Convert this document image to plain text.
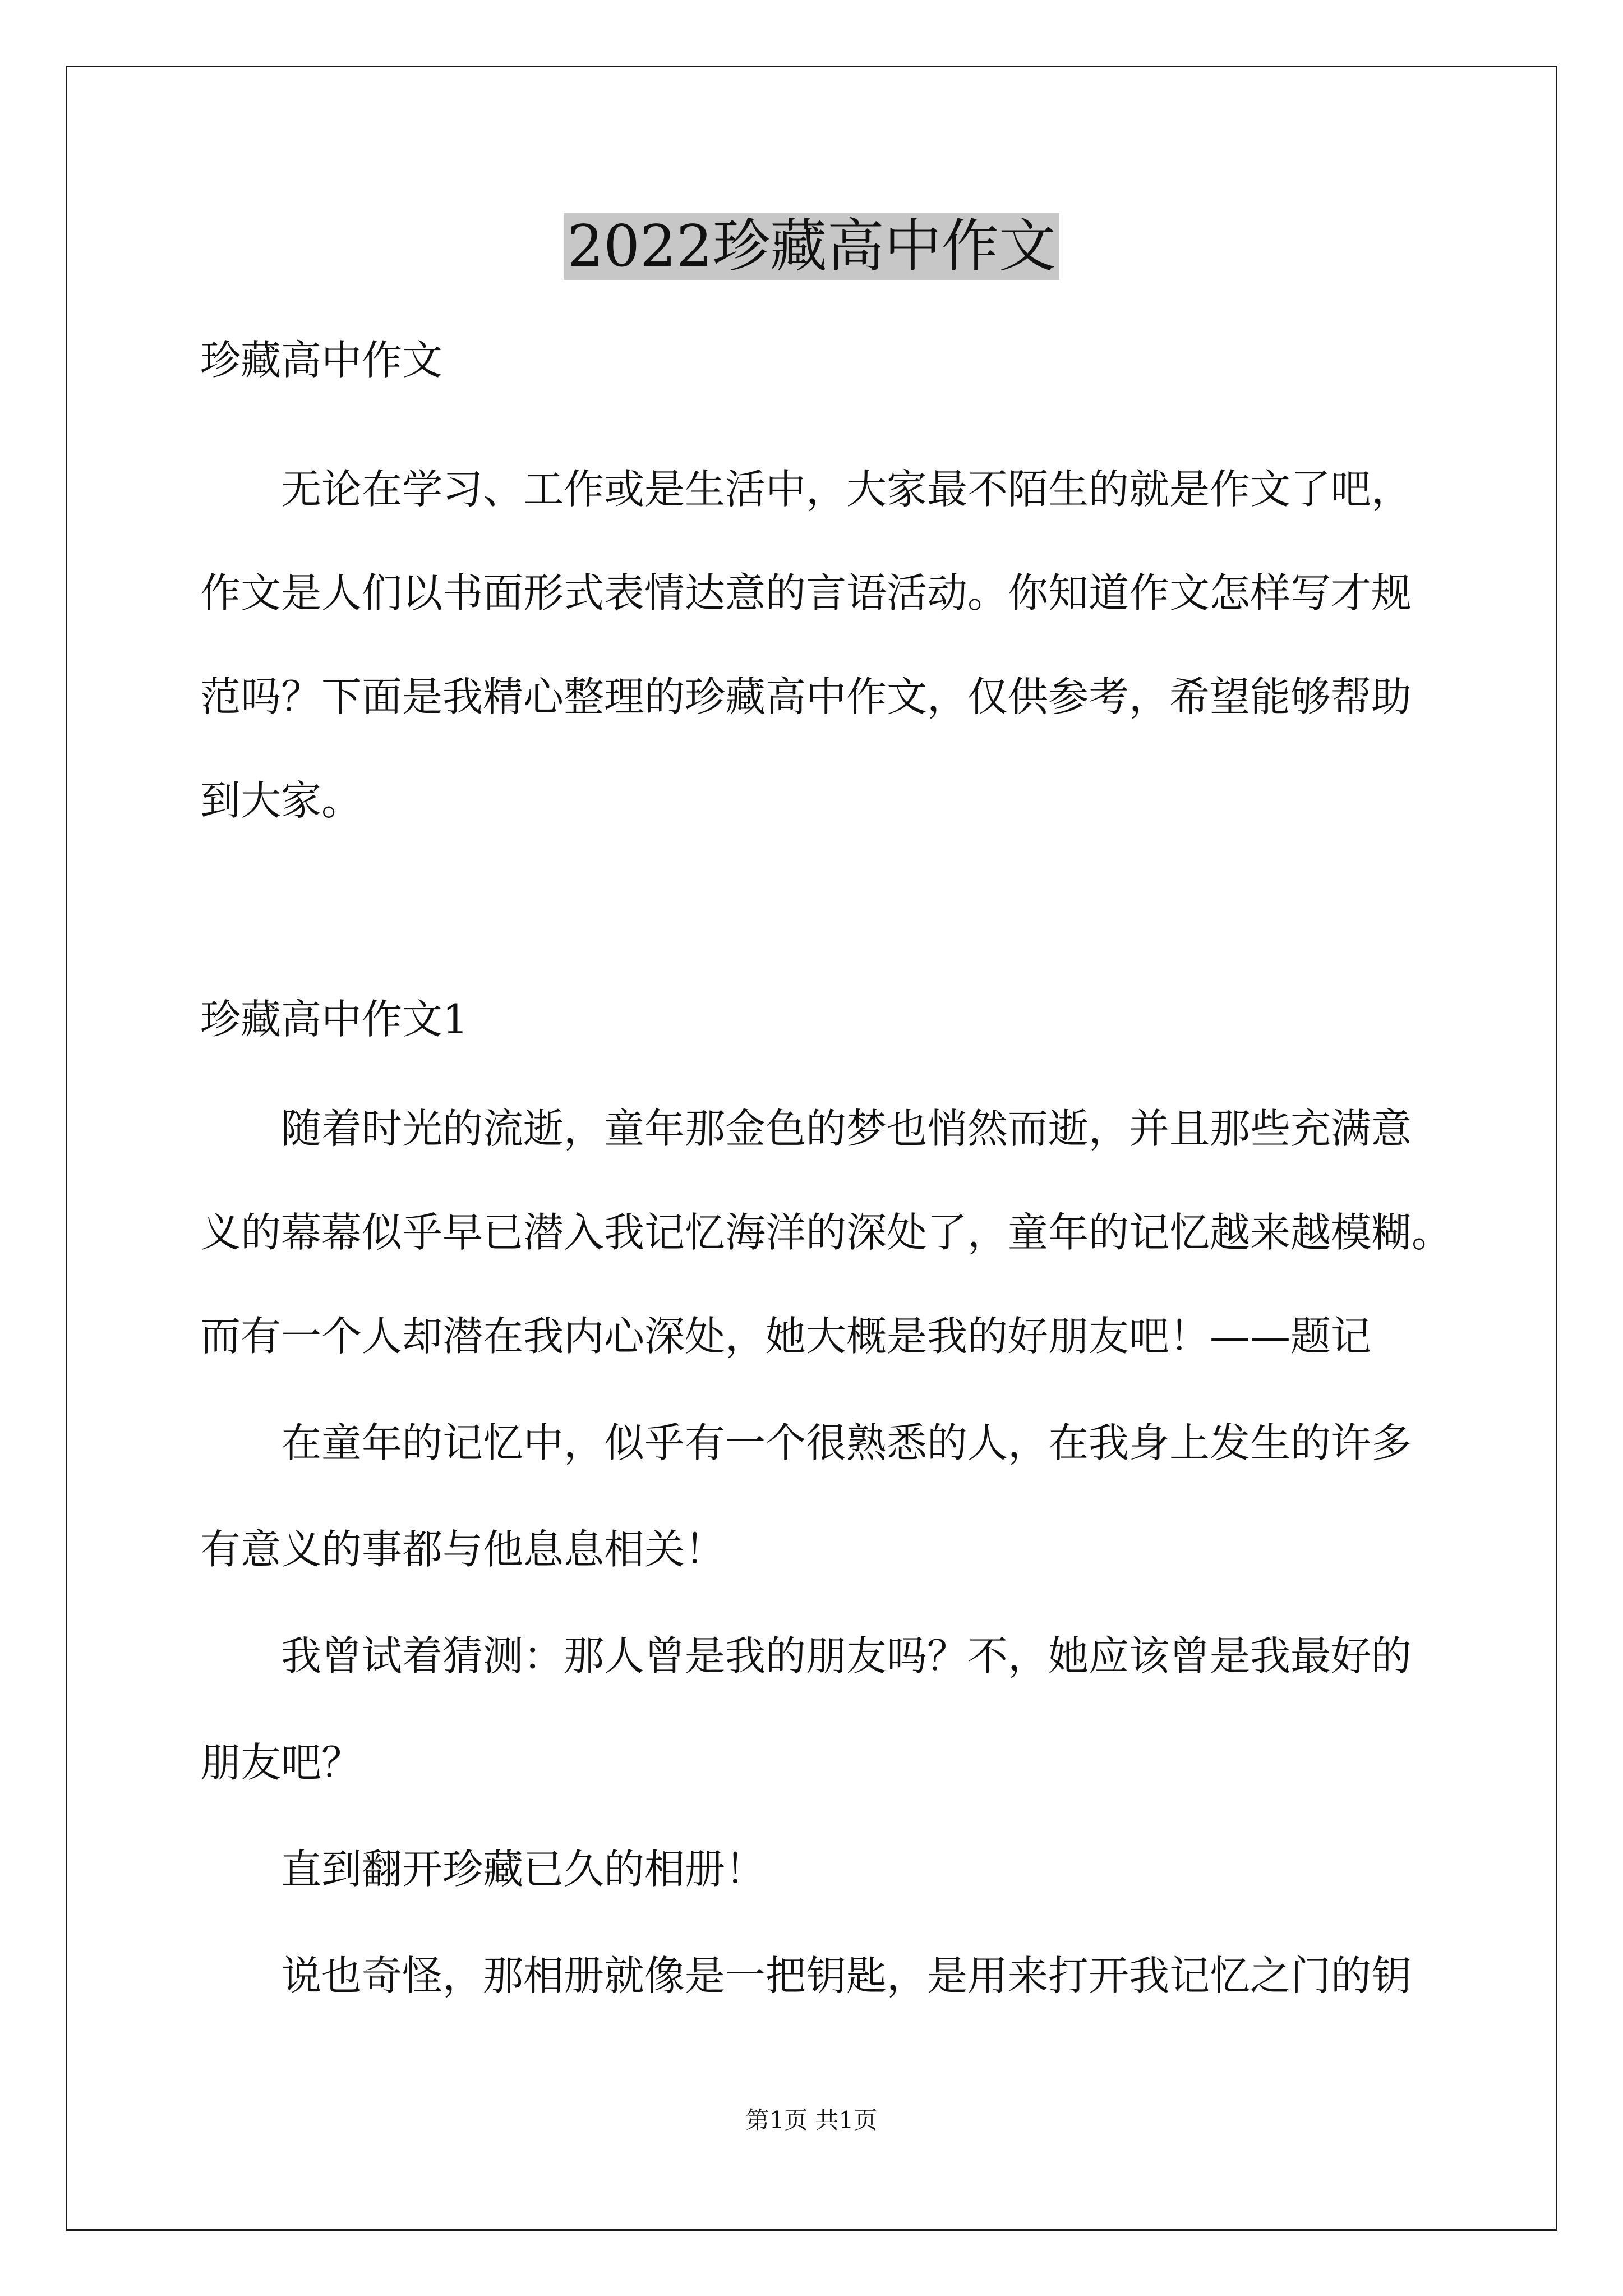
2022珍藏高中作文

珍藏高中作文

无论在学习、工作或是生活中，大家最不陌生的就是作文了吧，

作文是人们以书面形式表情达意的言语活动。你知道作文怎样写才规

范吗？下面是我精心整理的珍藏高中作文，仅供参考，希望能够帮助

到大家。

珍藏高中作文1

随着时光的流逝，童年那金色的梦也悄然而逝，并且那些充满意

义的幕幕似乎早已潜入我记忆海洋的深处了，童年的记忆越来越模糊。

而有一个人却潜在我内心深处，她大概是我的好朋友吧！——题记

在童年的记忆中，似乎有一个很熟悉的人，在我身上发生的许多

有意义的事都与他息息相关！

我曾试着猜测：那人曾是我的朋友吗？不，她应该曾是我最好的

朋友吧？

直到翻开珍藏已久的相册！

说也奇怪，那相册就像是一把钥匙，是用来打开我记忆之门的钥

第1页 共1页
